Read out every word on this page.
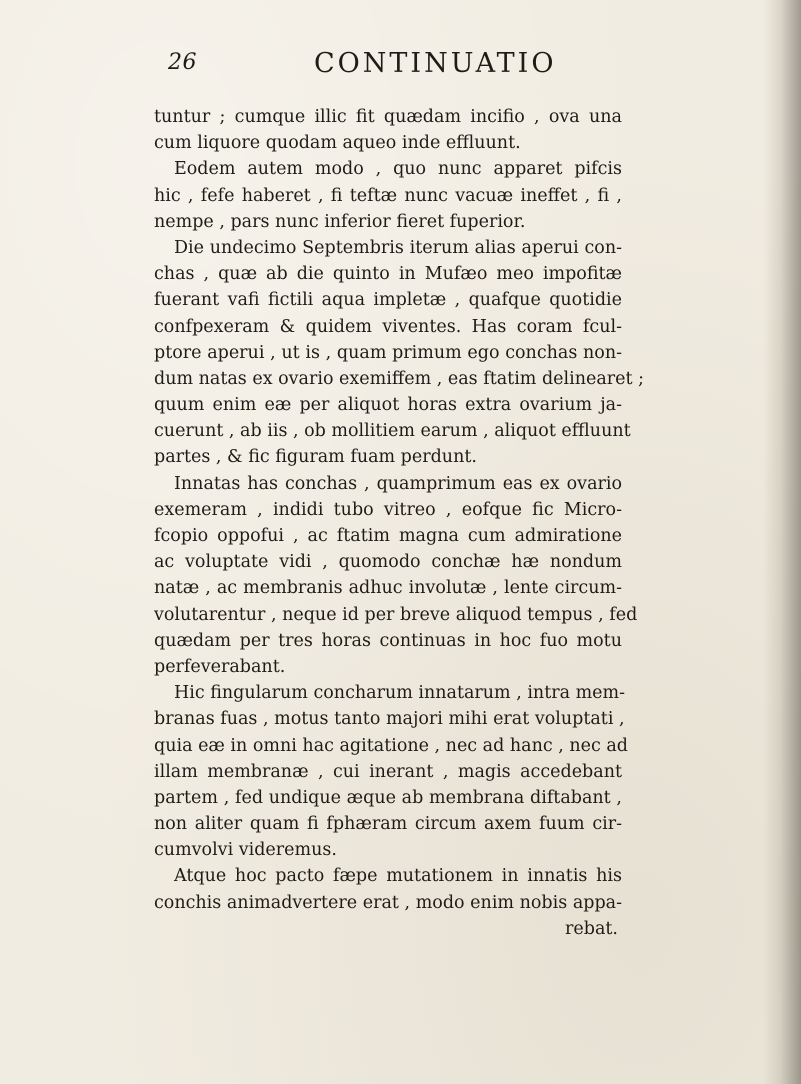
26	CONTINUATIO
tuntur ; cumque illic fit quædam incifio , ova una
cum liquore quodam aqueo inde effluunt.
Eodem autem modo , quo nunc apparet pifcis
hic , fefe haberet , fi teftæ nunc vacuæ ineffet , fi ,
nempe , pars nunc inferior fieret fuperior.
Die undecimo Septembris iterum alias aperui con-
chas , quæ ab die quinto in Mufæo meo impofitæ
fuerant vafi fictili aqua impletæ , quafque quotidie
confpexeram & quidem viventes. Has coram fcul-
ptore aperui , ut is , quam primum ego conchas non-
dum natas ex ovario exemiffem , eas ftatim delinearet ;
quum enim eæ per aliquot horas extra ovarium ja-
cuerunt , ab iis , ob mollitiem earum , aliquot effluunt
partes , & fic figuram fuam perdunt.
Innatas has conchas , quamprimum eas ex ovario
exemeram , indidi tubo vitreo , eofque fic Micro-
fcopio oppofui , ac ftatim magna cum admiratione
ac voluptate vidi , quomodo conchæ hæ nondum
natæ , ac membranis adhuc involutæ , lente circum-
volutarentur , neque id per breve aliquod tempus , fed
quædam per tres horas continuas in hoc fuo motu
perfeverabant.
Hic fingularum concharum innatarum , intra mem-
branas fuas , motus tanto majori mihi erat voluptati ,
quia eæ in omni hac agitatione , nec ad hanc , nec ad
illam membranæ , cui inerant , magis accedebant
partem , fed undique æque ab membrana diftabant ,
non aliter quam fi fphæram circum axem fuum cir-
cumvolvi videremus.
Atque hoc pacto fæpe mutationem in innatis his
conchis animadvertere erat , modo enim nobis appa-
rebat.
